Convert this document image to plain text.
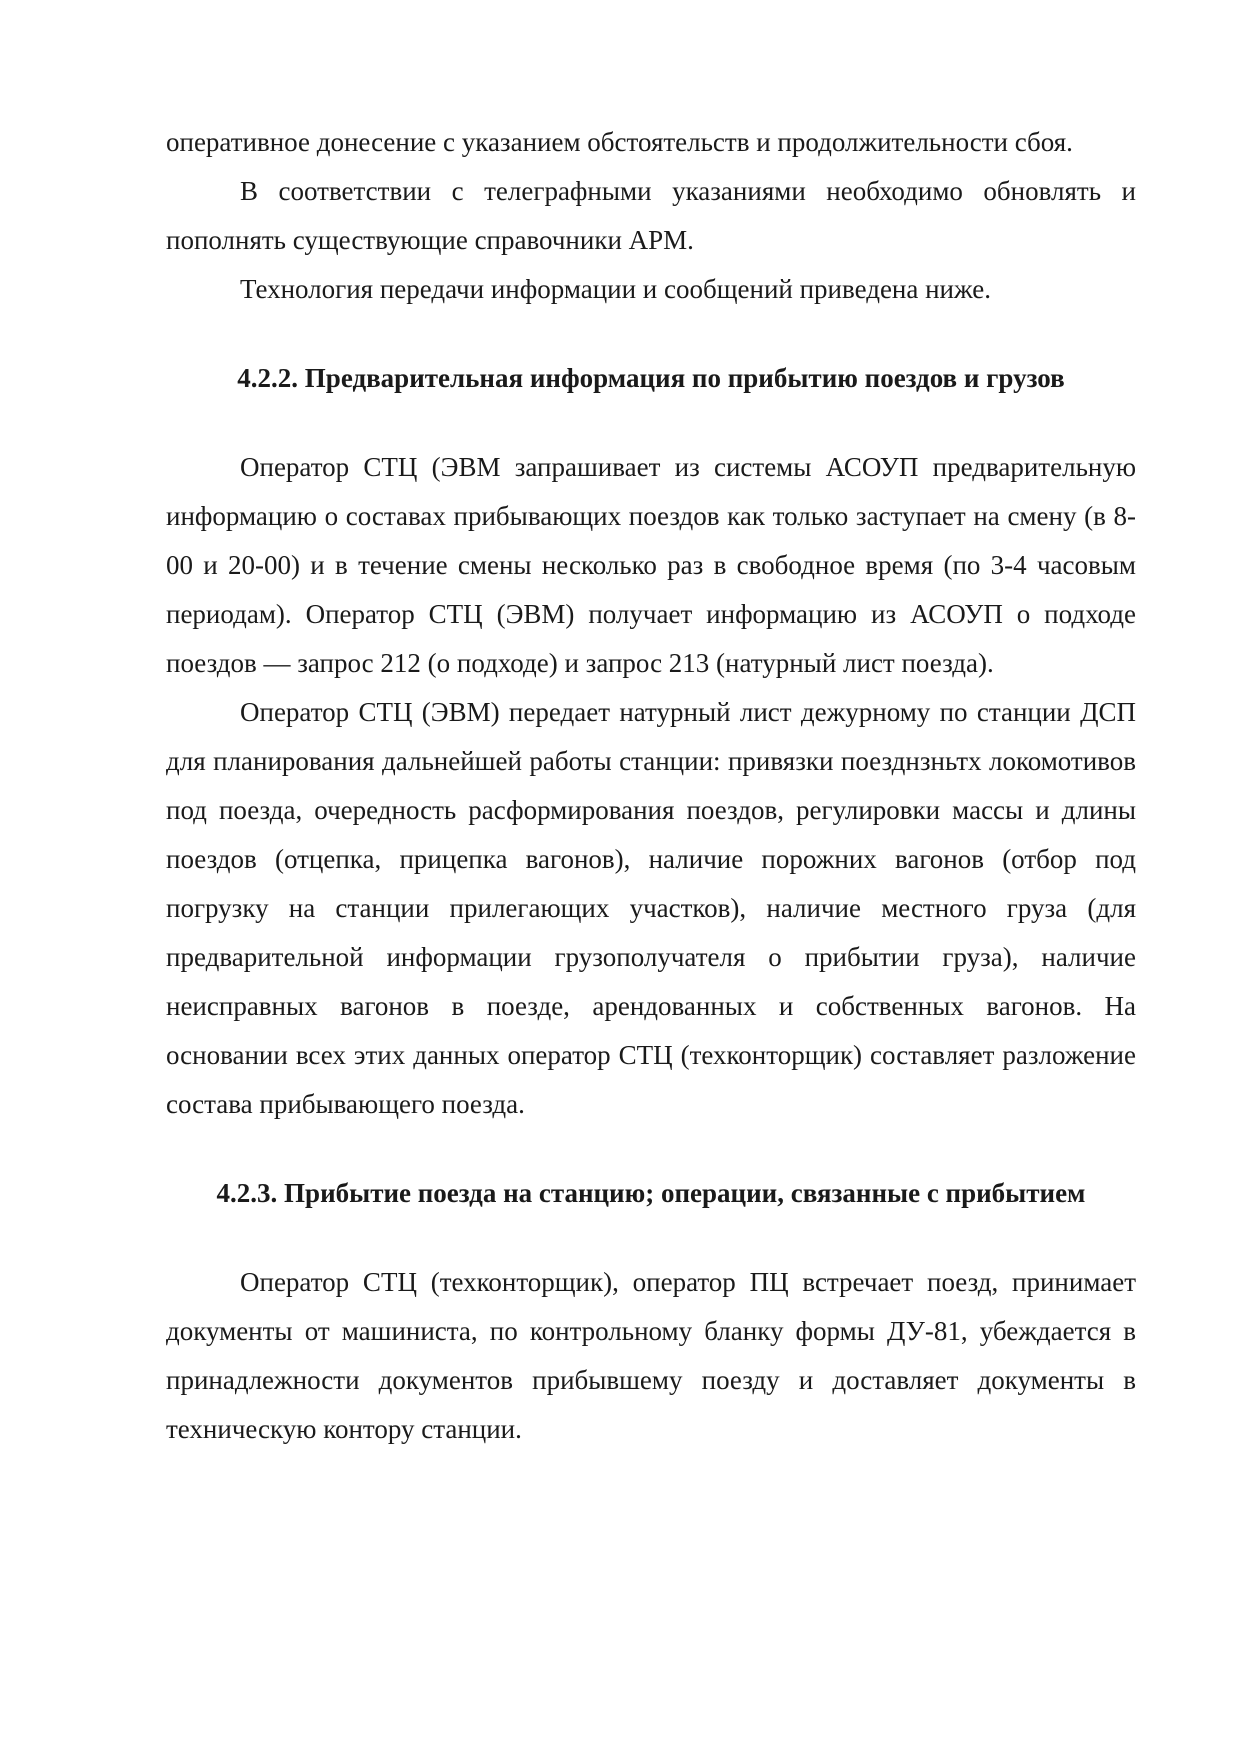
оперативное донесение с указанием обстоятельств и продолжительности сбоя.

В соответствии с телеграфными указаниями необходимо обновлять и пополнять существующие справочники АРМ.

Технология передачи информации и сообщений приведена ниже.

4.2.2. Предварительная информация по прибытию поездов и грузов

Оператор СТЦ (ЭВМ запрашивает из системы АСОУП предварительную информацию о составах прибывающих поездов как только заступает на смену (в 8-00 и 20-00) и в течение смены несколько раз в свободное время (по 3-4 часовым периодам). Оператор СТЦ (ЭВМ) получает информацию из АСОУП о подходе поездов — запрос 212 (о подходе) и запрос 213 (натурный лист поезда).

Оператор СТЦ (ЭВМ) передает натурный лист дежурному по станции ДСП для планирования дальнейшей работы станции: привязки поезднзньтх локомотивов под поезда, очередность расформирования поездов, регулировки массы и длины поездов (отцепка, прицепка вагонов), наличие порожних вагонов (отбор под погрузку на станции прилегающих участков), наличие местного груза (для предварительной информации грузополучателя о прибытии груза), наличие неисправных вагонов в поезде, арендованных и собственных вагонов. На основании всех этих данных оператор СТЦ (техконторщик) составляет разложение состава прибывающего поезда.

4.2.3. Прибытие поезда на станцию; операции, связанные с прибытием

Оператор СТЦ (техконторщик), оператор ПЦ встречает поезд, принимает документы от машиниста, по контрольному бланку формы ДУ-81, убеждается в принадлежности документов прибывшему поезду и доставляет документы в техническую контору станции.
